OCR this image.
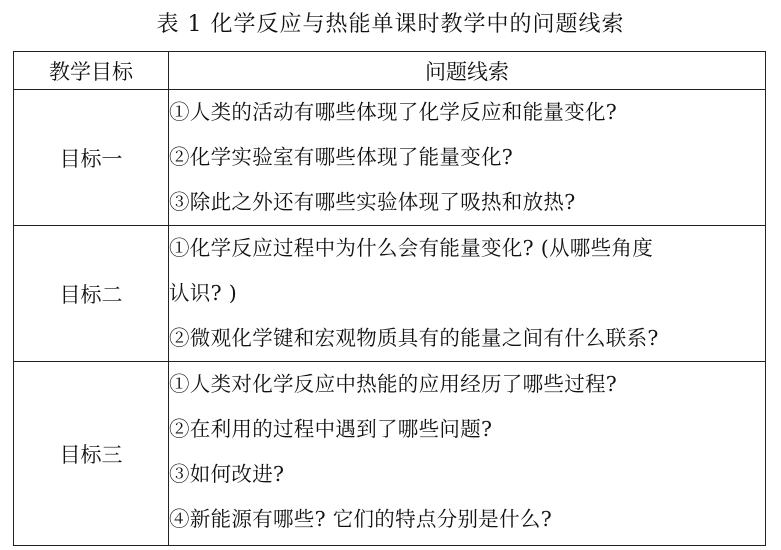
表 1 化学反应与热能单课时教学中的问题线索
教学目标	问题线索
目标一	①人类的活动有哪些体现了化学反应和能量变化?
②化学实验室有哪些体现了能量变化?
③除此之外还有哪些实验体现了吸热和放热?

目标二	①化学反应过程中为什么会有能量变化? (从哪些角度
认识? )
②微观化学键和宏观物质具有的能量之间有什么联系?

目标三	①人类对化学反应中热能的应用经历了哪些过程?
②在利用的过程中遇到了哪些问题?
③如何改进?
④新能源有哪些? 它们的特点分别是什么?
